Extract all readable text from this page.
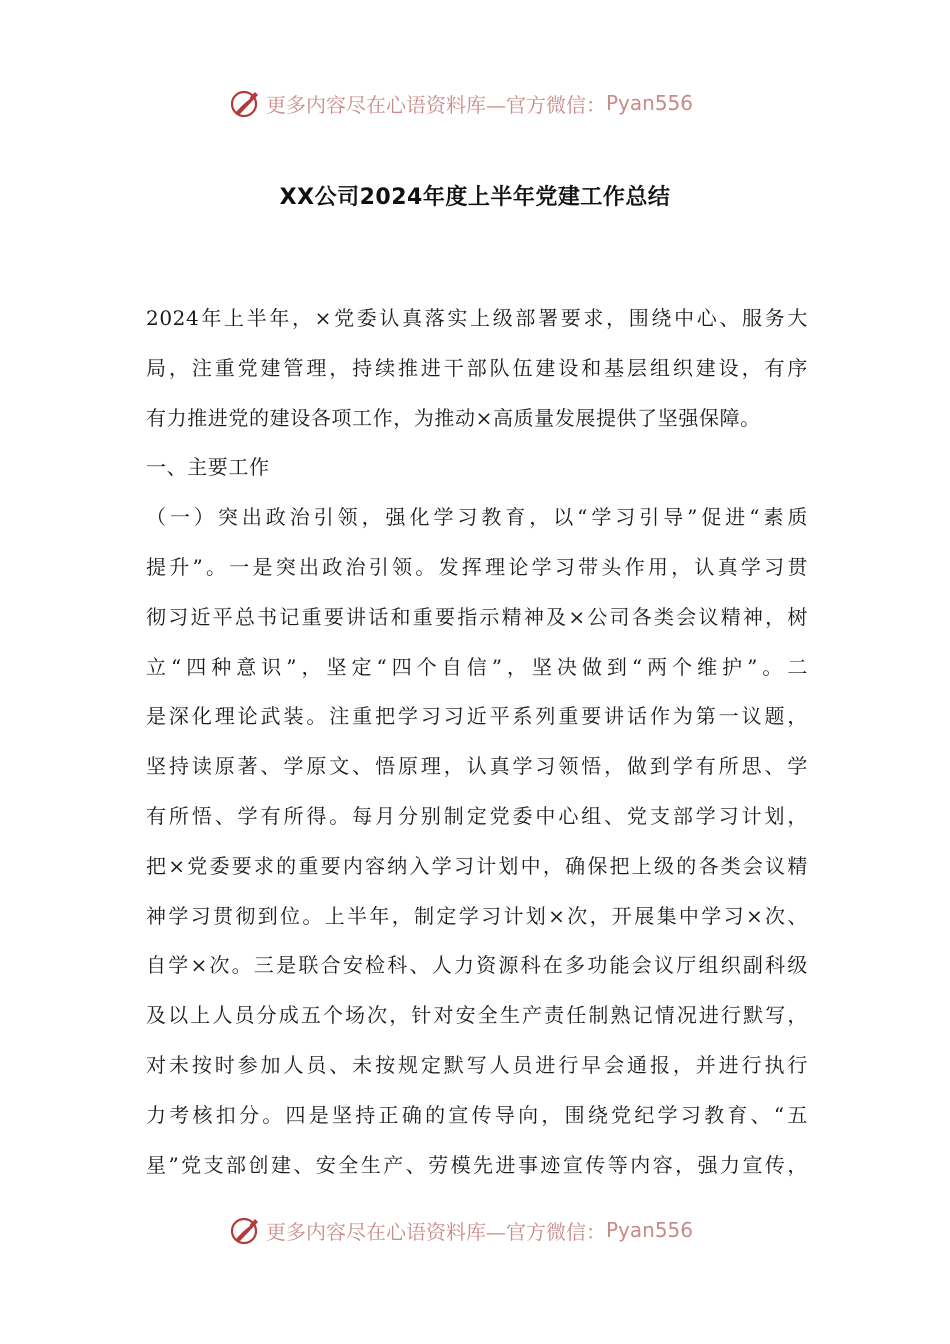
更多内容尽在心语资料库—官方微信： Pyan556
XX公司2024年度上半年党建工作总结

2024年上半年，×党委认真落实上级部署要求，围绕中心、服务大

局，注重党建管理，持续推进干部队伍建设和基层组织建设，有序

有力推进党的建设各项工作，为推动×高质量发展提供了坚强保障。

一、主要工作

（一）突出政治引领，强化学习教育，以“学习引导”促进“素质

提升”。一是突出政治引领。发挥理论学习带头作用，认真学习贯

彻习近平总书记重要讲话和重要指示精神及×公司各类会议精神，树

立“四种意识”，坚定“四个自信”，坚决做到“两个维护”。二

是深化理论武装。注重把学习习近平系列重要讲话作为第一议题，

坚持读原著、学原文、悟原理，认真学习领悟，做到学有所思、学

有所悟、学有所得。每月分别制定党委中心组、党支部学习计划，

把×党委要求的重要内容纳入学习计划中，确保把上级的各类会议精

神学习贯彻到位。上半年，制定学习计划×次，开展集中学习×次、

自学×次。三是联合安检科、人力资源科在多功能会议厅组织副科级

及以上人员分成五个场次，针对安全生产责任制熟记情况进行默写，

对未按时参加人员、未按规定默写人员进行早会通报，并进行执行

力考核扣分。四是坚持正确的宣传导向，围绕党纪学习教育、“五

星”党支部创建、安全生产、劳模先进事迹宣传等内容，强力宣传，

更多内容尽在心语资料库—官方微信： Pyan556
